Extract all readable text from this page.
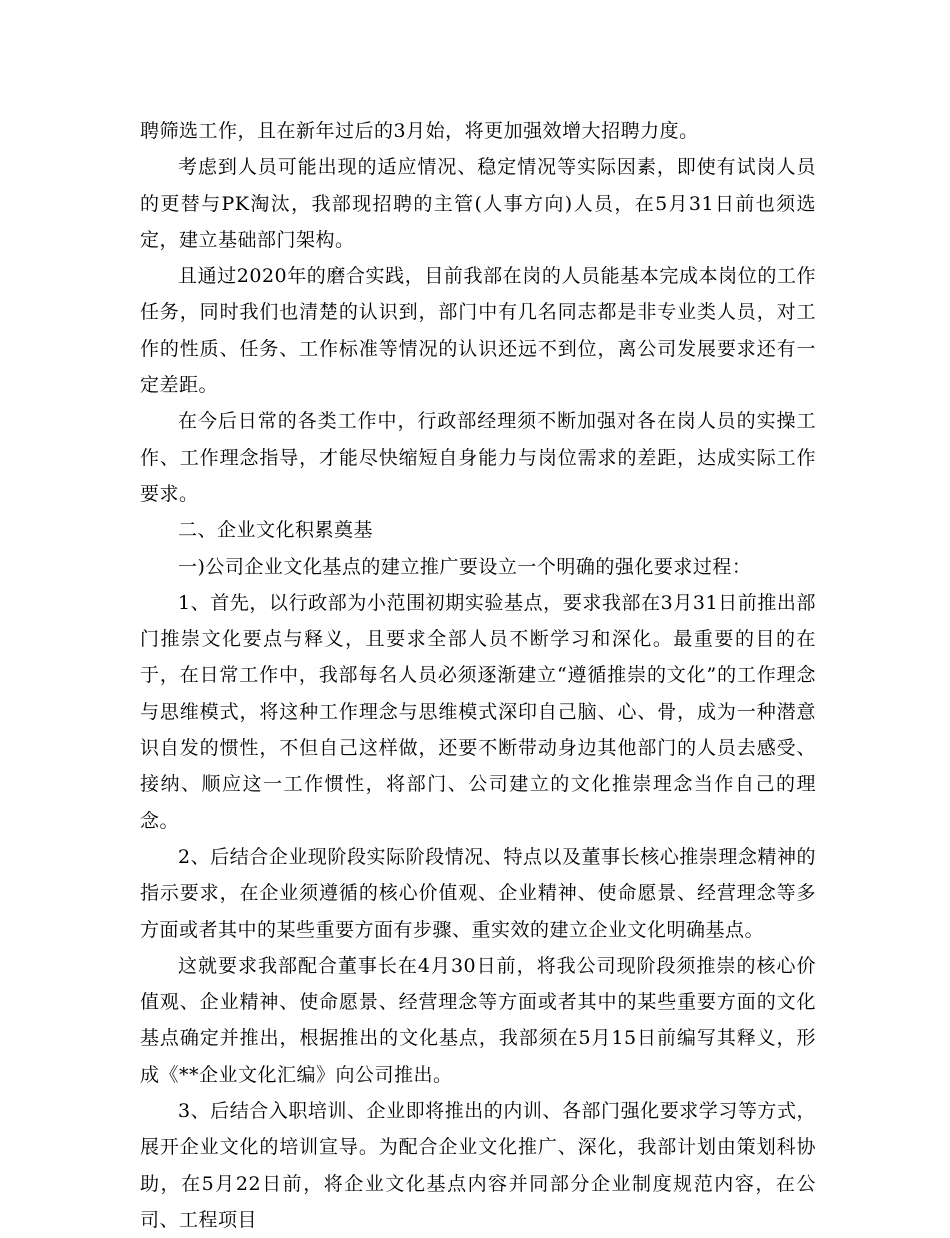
聘筛选工作，且在新年过后的3月始，将更加强效增大招聘力度。

考虑到人员可能出现的适应情况、稳定情况等实际因素，即使有试岗人员的更替与PK淘汰，我部现招聘的主管(人事方向)人员，在5月31日前也须选定，建立基础部门架构。

且通过2020年的磨合实践，目前我部在岗的人员能基本完成本岗位的工作任务，同时我们也清楚的认识到，部门中有几名同志都是非专业类人员，对工作的性质、任务、工作标准等情况的认识还远不到位，离公司发展要求还有一定差距。

在今后日常的各类工作中，行政部经理须不断加强对各在岗人员的实操工作、工作理念指导，才能尽快缩短自身能力与岗位需求的差距，达成实际工作要求。

二、企业文化积累奠基

一)公司企业文化基点的建立推广要设立一个明确的强化要求过程：

1、首先，以行政部为小范围初期实验基点，要求我部在3月31日前推出部门推崇文化要点与释义，且要求全部人员不断学习和深化。最重要的目的在于，在日常工作中，我部每名人员必须逐渐建立“遵循推崇的文化”的工作理念与思维模式，将这种工作理念与思维模式深印自己脑、心、骨，成为一种潜意识自发的惯性，不但自己这样做，还要不断带动身边其他部门的人员去感受、接纳、顺应这一工作惯性，将部门、公司建立的文化推崇理念当作自己的理念。

2、后结合企业现阶段实际阶段情况、特点以及董事长核心推崇理念精神的指示要求，在企业须遵循的核心价值观、企业精神、使命愿景、经营理念等多方面或者其中的某些重要方面有步骤、重实效的建立企业文化明确基点。

这就要求我部配合董事长在4月30日前，将我公司现阶段须推崇的核心价值观、企业精神、使命愿景、经营理念等方面或者其中的某些重要方面的文化基点确定并推出，根据推出的文化基点，我部须在5月15日前编写其释义，形成《**企业文化汇编》向公司推出。

3、后结合入职培训、企业即将推出的内训、各部门强化要求学习等方式，展开企业文化的培训宣导。为配合企业文化推广、深化，我部计划由策划科协助，在5月22日前，将企业文化基点内容并同部分企业制度规范内容，在公司、工程项目
